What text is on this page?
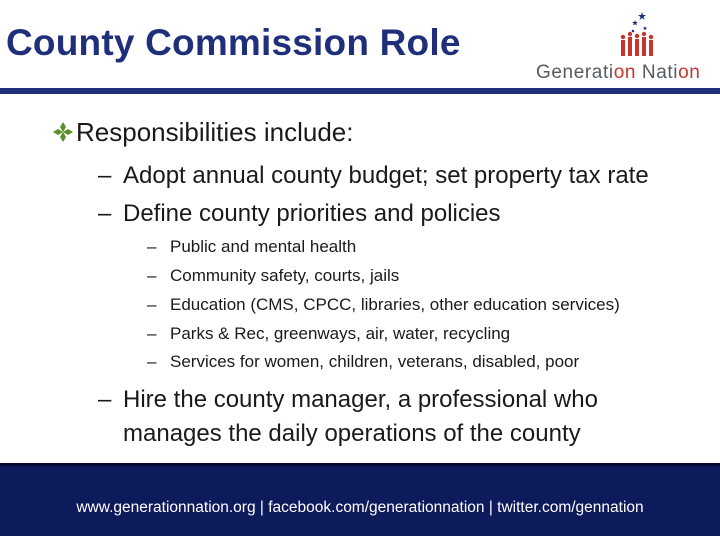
County Commission Role
Generation Nation
Responsibilities include:
– Adopt annual county budget; set property tax rate
– Define county priorities and policies
– Public and mental health
– Community safety, courts, jails
– Education (CMS, CPCC, libraries, other education services)
– Parks & Rec, greenways, air, water, recycling
– Services for women, children, veterans, disabled, poor
– Hire the county manager, a professional who
manages the daily operations of the county
www.generationnation.org | facebook.com/generationnation | twitter.com/gennation
